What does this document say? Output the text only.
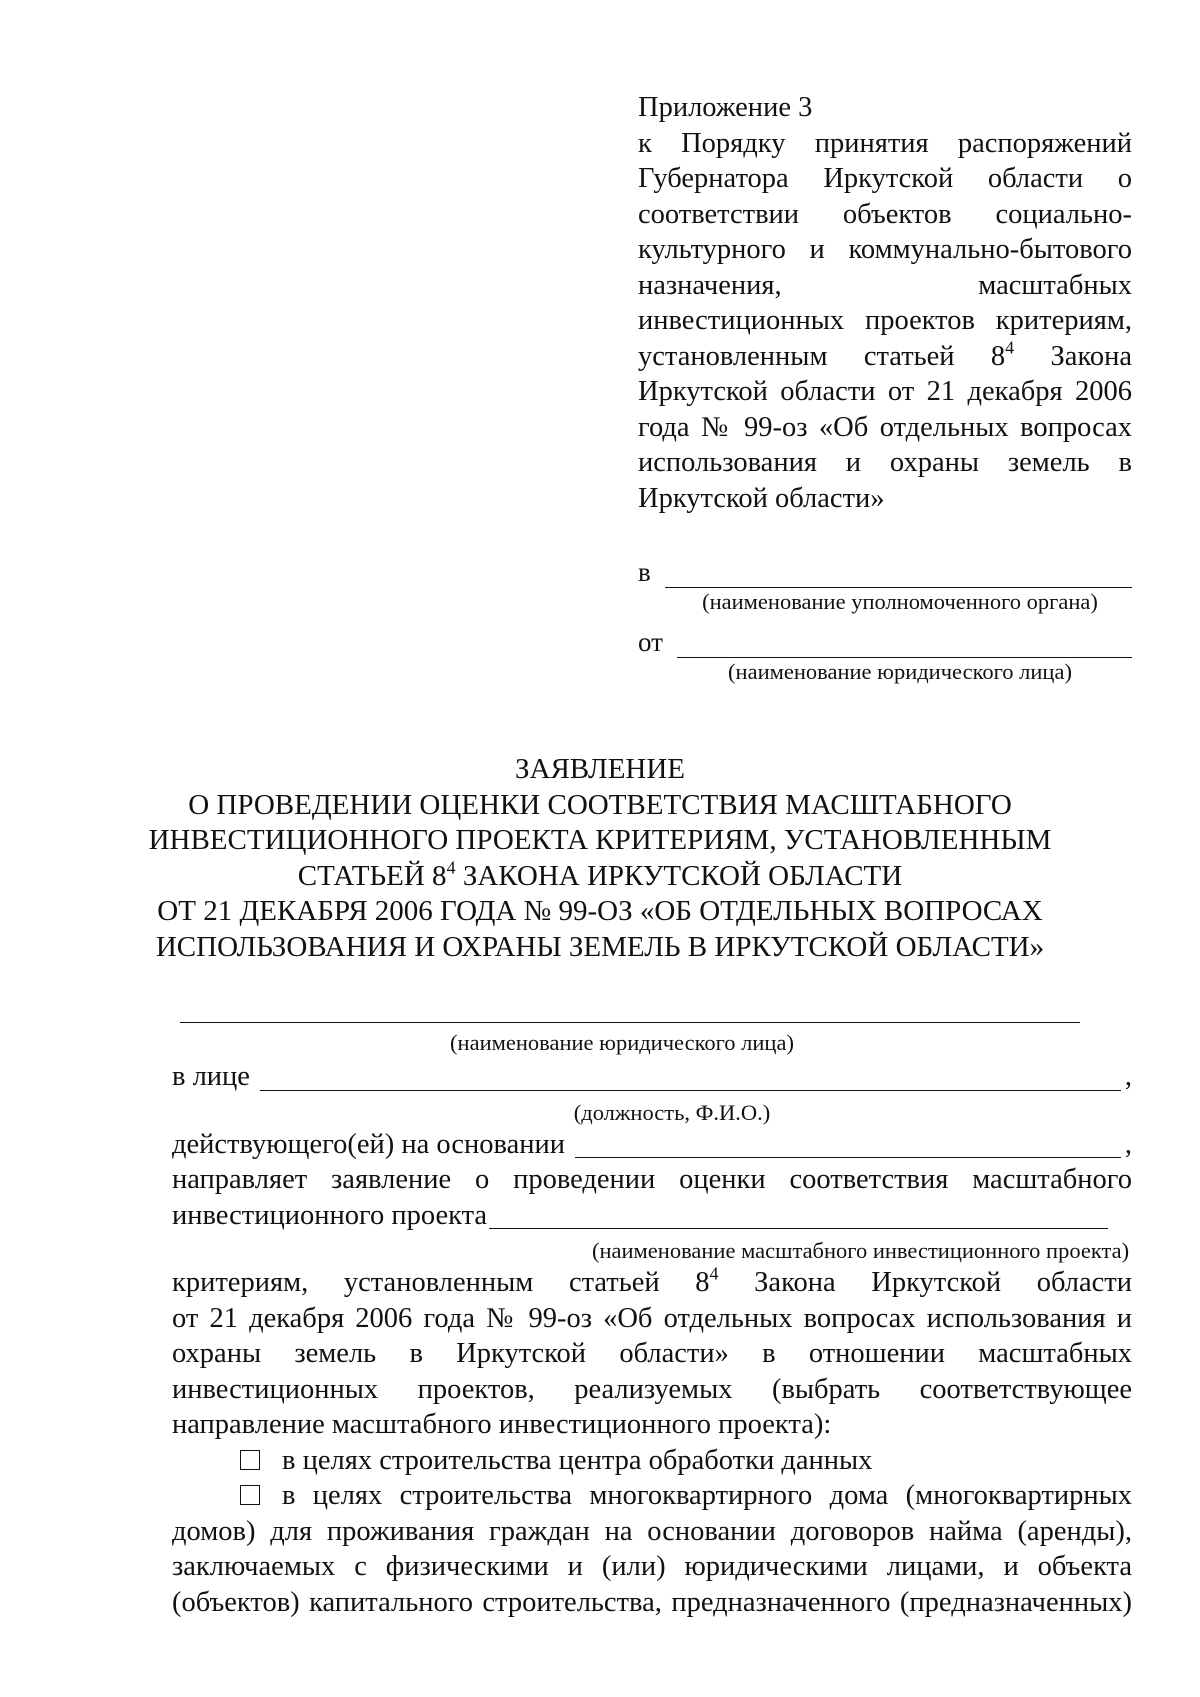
Приложение 3

к Порядку принятия распоряжений

Губернатора Иркутской области о

соответствии объектов социально-

культурного и коммунально-бытового

назначения, масштабных

инвестиционных проектов критериям,

установленным статьей $8^4$ Закона

Иркутской области от 21 декабря 2006

года № 99-оз «Об отдельных вопросах

использования и охраны земель в

Иркутской области»

в
(наименование уполномоченного органа)
от
(наименование юридического лица)
ЗАЯВЛЕНИЕ
О ПРОВЕДЕНИИ ОЦЕНКИ СООТВЕТСТВИЯ МАСШТАБНОГО
ИНВЕСТИЦИОННОГО ПРОЕКТА КРИТЕРИЯМ, УСТАНОВЛЕННЫМ
СТАТЬЕЙ $8^4$ ЗАКОНА ИРКУТСКОЙ ОБЛАСТИ
ОТ 21 ДЕКАБРЯ 2006 ГОДА № 99-ОЗ «ОБ ОТДЕЛЬНЫХ ВОПРОСАХ
ИСПОЛЬЗОВАНИЯ И ОХРАНЫ ЗЕМЕЛЬ В ИРКУТСКОЙ ОБЛАСТИ»
(наименование юридического лица)
в лице	,
(должность, Ф.И.О.)
действующего(ей) на основании	,

направляет заявление о проведении оценки соответствия масштабного

инвестиционного проекта
(наименование масштабного инвестиционного проекта)

критериям, установленным статьей $8^4$ Закона Иркутской области

от 21 декабря 2006 года № 99-оз «Об отдельных вопросах использования и

охраны земель в Иркутской области» в отношении масштабных

инвестиционных проектов, реализуемых (выбрать соответствующее

направление масштабного инвестиционного проекта):

в целях строительства центра обработки данных

в целях строительства многоквартирного дома (многоквартирных

домов) для проживания граждан на основании договоров найма (аренды),

заключаемых с физическими и (или) юридическими лицами, и объекта

(объектов) капитального строительства, предназначенного (предназначенных)
